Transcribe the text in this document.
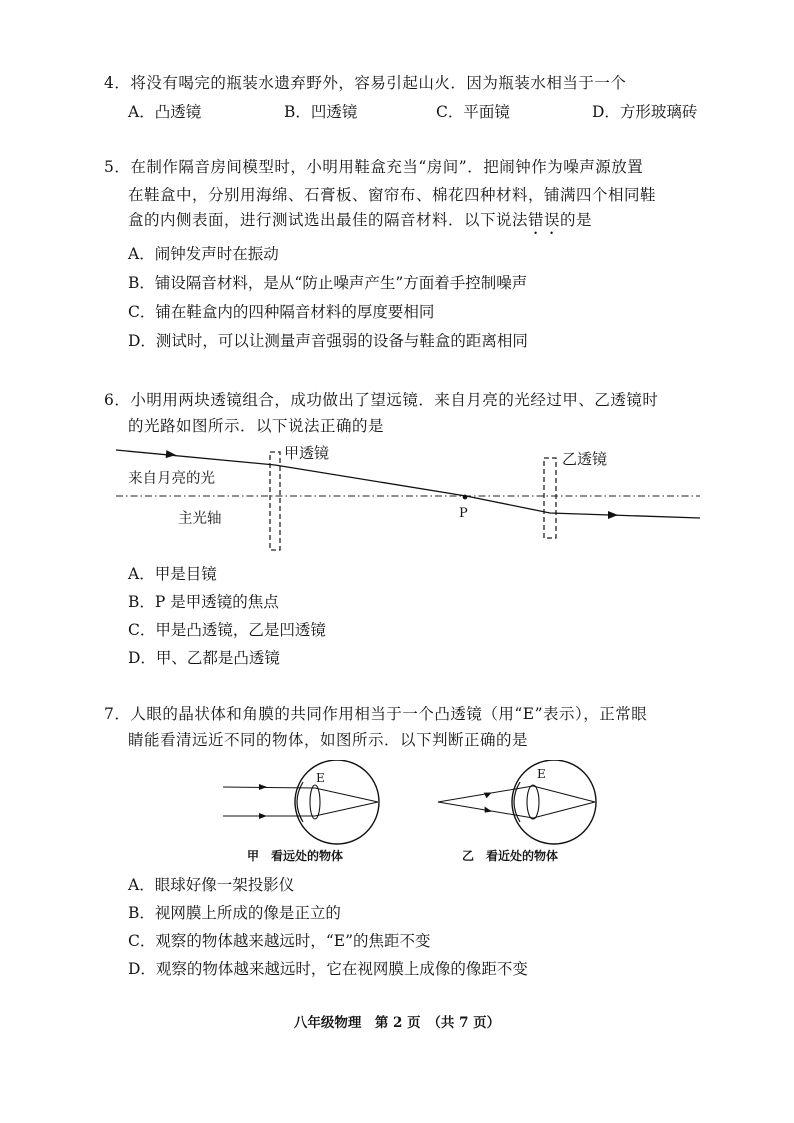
4．将没有喝完的瓶装水遗弃野外，容易引起山火．因为瓶装水相当于一个
A．凸透镜	B．凹透镜	C．平面镜	D．方形玻璃砖
5．在制作隔音房间模型时，小明用鞋盒充当“房间”．把闹钟作为噪声源放置
在鞋盒中，分别用海绵、石膏板、窗帘布、棉花四种材料，铺满四个相同鞋
盒的内侧表面，进行测试选出最佳的隔音材料．以下说法错误的是
A．闹钟发声时在振动
B．铺设隔音材料，是从“防止噪声产生”方面着手控制噪声
C．铺在鞋盒内的四种隔音材料的厚度要相同
D．测试时，可以让测量声音强弱的设备与鞋盒的距离相同
6．小明用两块透镜组合，成功做出了望远镜．来自月亮的光经过甲、乙透镜时
的光路如图所示．以下说法正确的是
P
甲透镜	乙透镜
来自月亮的光
主光轴
A．甲是目镜
B．P 是甲透镜的焦点
C．甲是凸透镜，乙是凹透镜
D．甲、乙都是凸透镜
7．人眼的晶状体和角膜的共同作用相当于一个凸透镜（用“E”表示），正常眼
睛能看清远近不同的物体，如图所示．以下判断正确的是
E
甲　看远处的物体
E
乙　看近处的物体
A．眼球好像一架投影仪
B．视网膜上所成的像是正立的
C．观察的物体越来越远时，“E”的焦距不变
D．观察的物体越来越远时，它在视网膜上成像的像距不变
八年级物理　第 2 页　（共 7 页）
